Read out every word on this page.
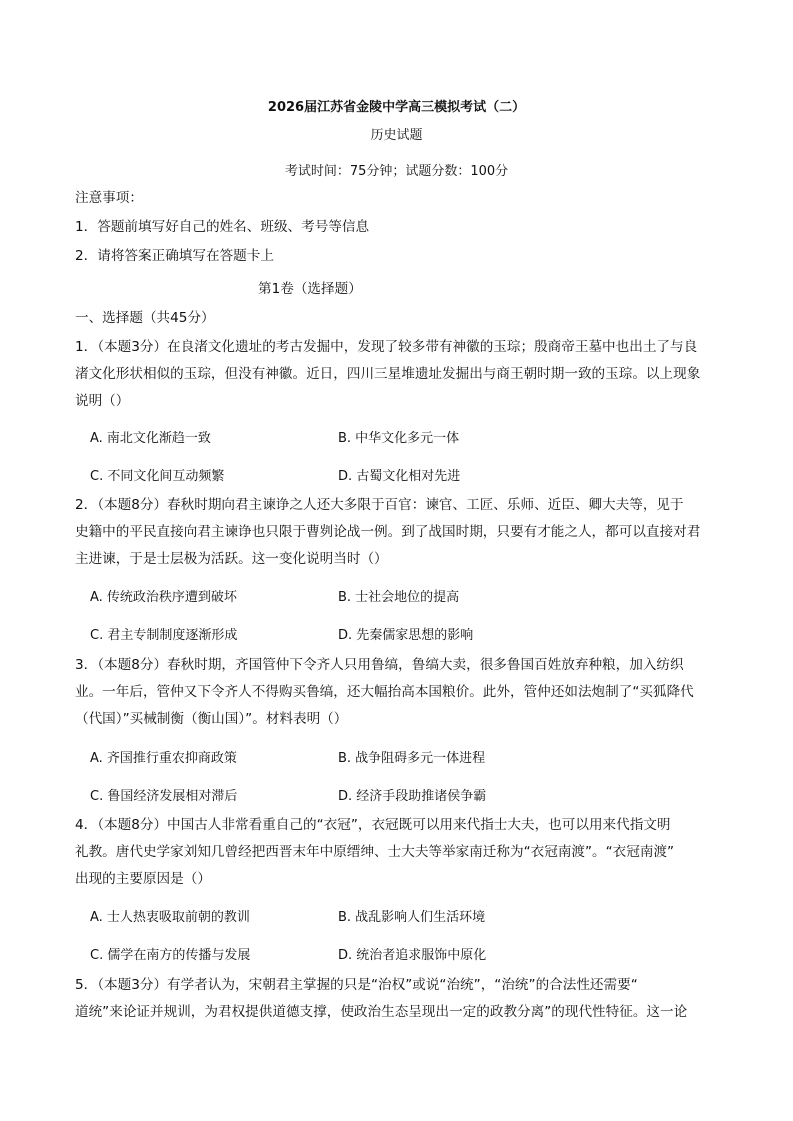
2026届江苏省金陵中学高三模拟考试（二）
历史试题
考试时间：75分钟；试题分数：100分
注意事项：
1．答题前填写好自己的姓名、班级、考号等信息
2．请将答案正确填写在答题卡上
第1卷（选择题）
一、选择题（共45分）
1．（本题3分）在良渚文化遗址的考古发掘中，发现了较多带有神徽的玉琮；殷商帝王墓中也出土了与良
渚文化形状相似的玉琮，但没有神徽。近日，四川三星堆遗址发掘出与商王朝时期一致的玉琮。以上现象
说明（）
A. 南北文化渐趋一致	B. 中华文化多元一体
C. 不同文化间互动频繁	D. 古蜀文化相对先进
2．（本题8分）春秋时期向君主谏诤之人还大多限于百官：谏官、工匠、乐师、近臣、卿大夫等，见于
史籍中的平民直接向君主谏诤也只限于曹刿论战一例。到了战国时期，只要有才能之人，都可以直接对君
主进谏，于是士层极为活跃。这一变化说明当时（）
A. 传统政治秩序遭到破坏	B. 士社会地位的提高
C. 君主专制制度逐渐形成	D. 先秦儒家思想的影响
3．（本题8分）春秋时期，齐国管仲下令齐人只用鲁缟，鲁缟大卖，很多鲁国百姓放弃种粮，加入纺织
业。一年后，管仲又下令齐人不得购买鲁缟，还大幅抬高本国粮价。此外，管仲还如法炮制了“买狐降代
（代国）”买械制衡（衡山国）”。材料表明（）
A. 齐国推行重农抑商政策	B. 战争阻碍多元一体进程
C. 鲁国经济发展相对滞后	D. 经济手段助推诸侯争霸
4．（本题8分）中国古人非常看重自己的“衣冠”，衣冠既可以用来代指士大夫，也可以用来代指文明
礼教。唐代史学家刘知几曾经把西晋末年中原缙绅、士大夫等举家南迁称为“衣冠南渡”。“衣冠南渡”
出现的主要原因是（）
A. 士人热衷吸取前朝的教训	B. 战乱影响人们生活环境
C. 儒学在南方的传播与发展	D. 统治者追求服饰中原化
5．（本题3分）有学者认为，宋朝君主掌握的只是“治权”或说“治统”，“治统”的合法性还需要“
道统”来论证并规训，为君权提供道德支撑，使政治生态呈现出一定的政教分离”的现代性特征。这一论
